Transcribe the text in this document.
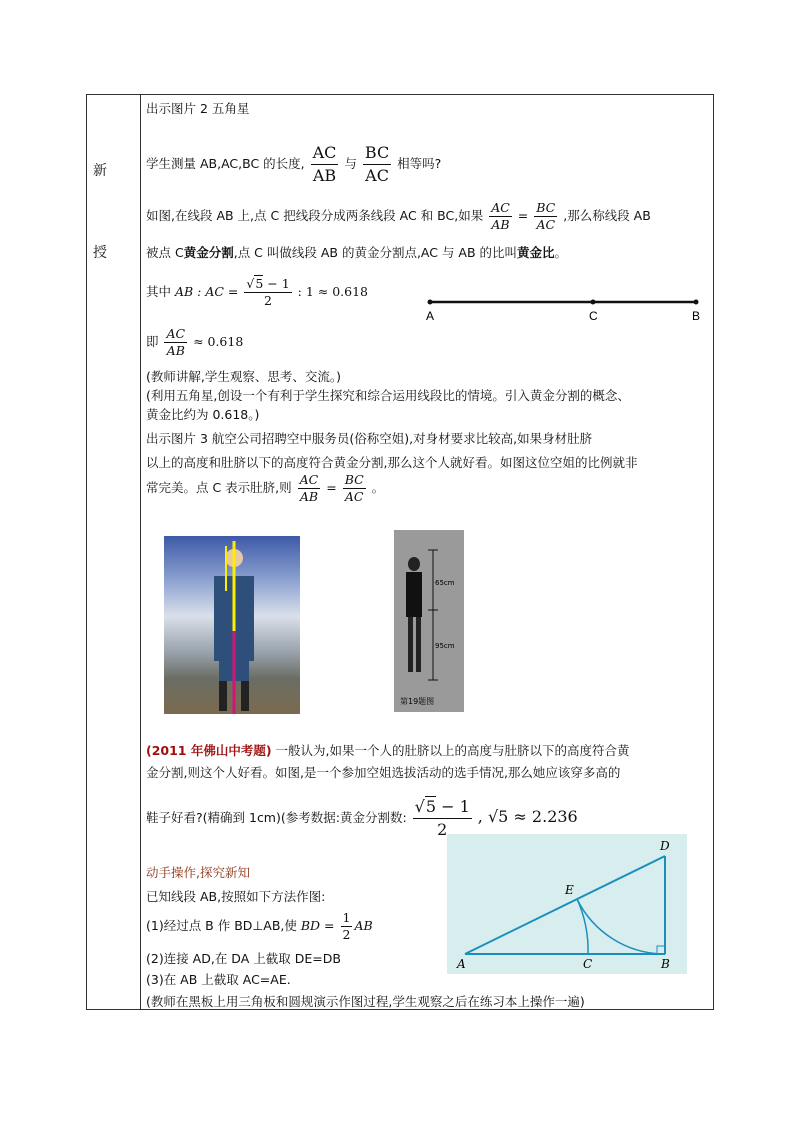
新
授
出示图片 2 五角星
学生测量 AB,AC,BC 的长度, $\frac{AC}{AB}$ 与 $\frac{BC}{AC}$ 相等吗?
如图,在线段 AB 上,点 C 把线段分成两条线段 AC 和 BC,如果 $\frac{AC}{AB} = \frac{BC}{AC}$ ,那么称线段 AB
被点 C黄金分割,点 C 叫做线段 AB 的黄金分割点,AC 与 AB 的比叫黄金比。
其中 AB : AC = $\frac{√5 - 1}{2}$ : 1 ≈ 0.618
A	C	B
即 $\frac{AC}{AB} \approx 0.618$
(教师讲解,学生观察、思考、交流。)
(利用五角星,创设一个有利于学生探究和综合运用线段比的情境。引入黄金分割的概念、
黄金比约为 0.618。)
出示图片 3 航空公司招聘空中服务员(俗称空姐),对身材要求比较高,如果身材肚脐
以上的高度和肚脐以下的高度符合黄金分割,那么这个人就好看。如图这位空姐的比例就非
常完美。点 C 表示肚脐,则 $\frac{AC}{AB} = \frac{BC}{AC}$ 。
65cm
95cm
第19题图
(2011 年佛山中考题) 一般认为,如果一个人的肚脐以上的高度与肚脐以下的高度符合黄
金分割,则这个人好看。如图,是一个参加空姐选拔活动的选手情况,那么她应该穿多高的
鞋子好看?(精确到 1cm)(参考数据:黄金分割数: $\frac{√5 - 1}{2}$ , √5 ≈ 2.236
动手操作,探究新知
已知线段 AB,按照如下方法作图:
(1)经过点 B 作 BD⊥AB,使 BD = $\frac{1}{2}$ AB
(2)连接 AD,在 DA 上截取 DE=DB
(3)在 AB 上截取 AC=AE.
(教师在黑板上用三角板和圆规演示作图过程,学生观察之后在练习本上操作一遍)
A	B
C
D
E
